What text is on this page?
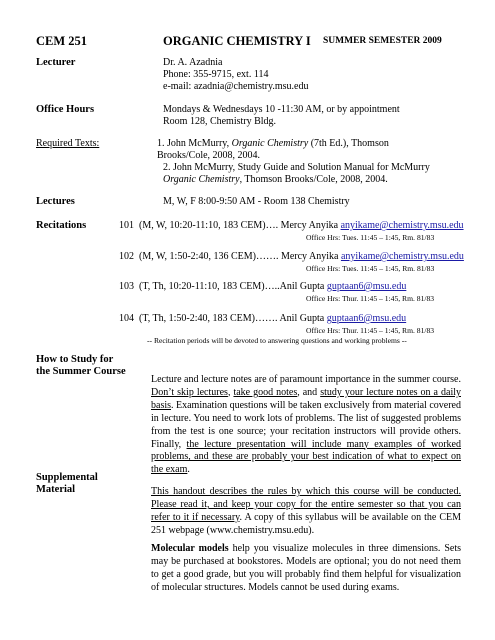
CEM 251	ORGANIC CHEMISTRY I SUMMER SEMESTER 2009
Lecturer	Dr. A. Azadnia
Phone: 355-9715, ext. 114
e-mail: azadnia@chemistry.msu.edu
Office Hours	Mondays & Wednesdays 10 -11:30 AM, or by appointment
Room 128, Chemistry Bldg.
Required Texts:	1. John McMurry, Organic Chemistry (7th Ed.), Thomson
Brooks/Cole, 2008, 2004.
2. John McMurry, Study Guide and Solution Manual for McMurry
Organic Chemistry, Thomson Brooks/Cole, 2008, 2004.
Lectures	M, W, F 8:00-9:50 AM - Room 138 Chemistry
Recitations	101 (M, W, 10:20-11:10, 183 CEM)…. Mercy Anyika anyikame@chemistry.msu.edu
Office Hrs: Tues. 11:45 – 1:45, Rm. 81/83
102 (M, W, 1:50-2:40, 136 CEM)……. Mercy Anyika anyikame@chemistry.msu.edu
Office Hrs: Tues. 11:45 – 1:45, Rm. 81/83
103 (T, Th, 10:20-11:10, 183 CEM)…..Anil Gupta guptaan6@msu.edu
Office Hrs: Thur. 11:45 – 1:45, Rm. 81/83
104 (T, Th, 1:50-2:40, 183 CEM)……. Anil Gupta guptaan6@msu.edu
Office Hrs: Thur. 11:45 – 1:45, Rm. 81/83
-- Recitation periods will be devoted to answering questions and working problems --
How to Study for
the Summer Course
Lecture and lecture notes are of paramount importance in the summer course. Don’t skip lectures, take good notes, and study your lecture notes on a daily basis. Examination questions will be taken exclusively from material covered in lecture. You need to work lots of problems. The list of suggested problems from the test is one source; your recitation instructors will provide others. Finally, the lecture presentation will include many examples of worked problems, and these are probably your best indication of what to expect on the exam.
Supplemental
Material	This handout describes the rules by which this course will be conducted. Please read it, and keep your copy for the entire semester so that you can refer to it if necessary. A copy of this syllabus will be available on the CEM 251 webpage (www.chemistry.msu.edu).
Molecular models help you visualize molecules in three dimensions. Sets may be purchased at bookstores. Models are optional; you do not need them to get a good grade, but you will probably find them helpful for visualization of molecular structures. Models cannot be used during exams.
